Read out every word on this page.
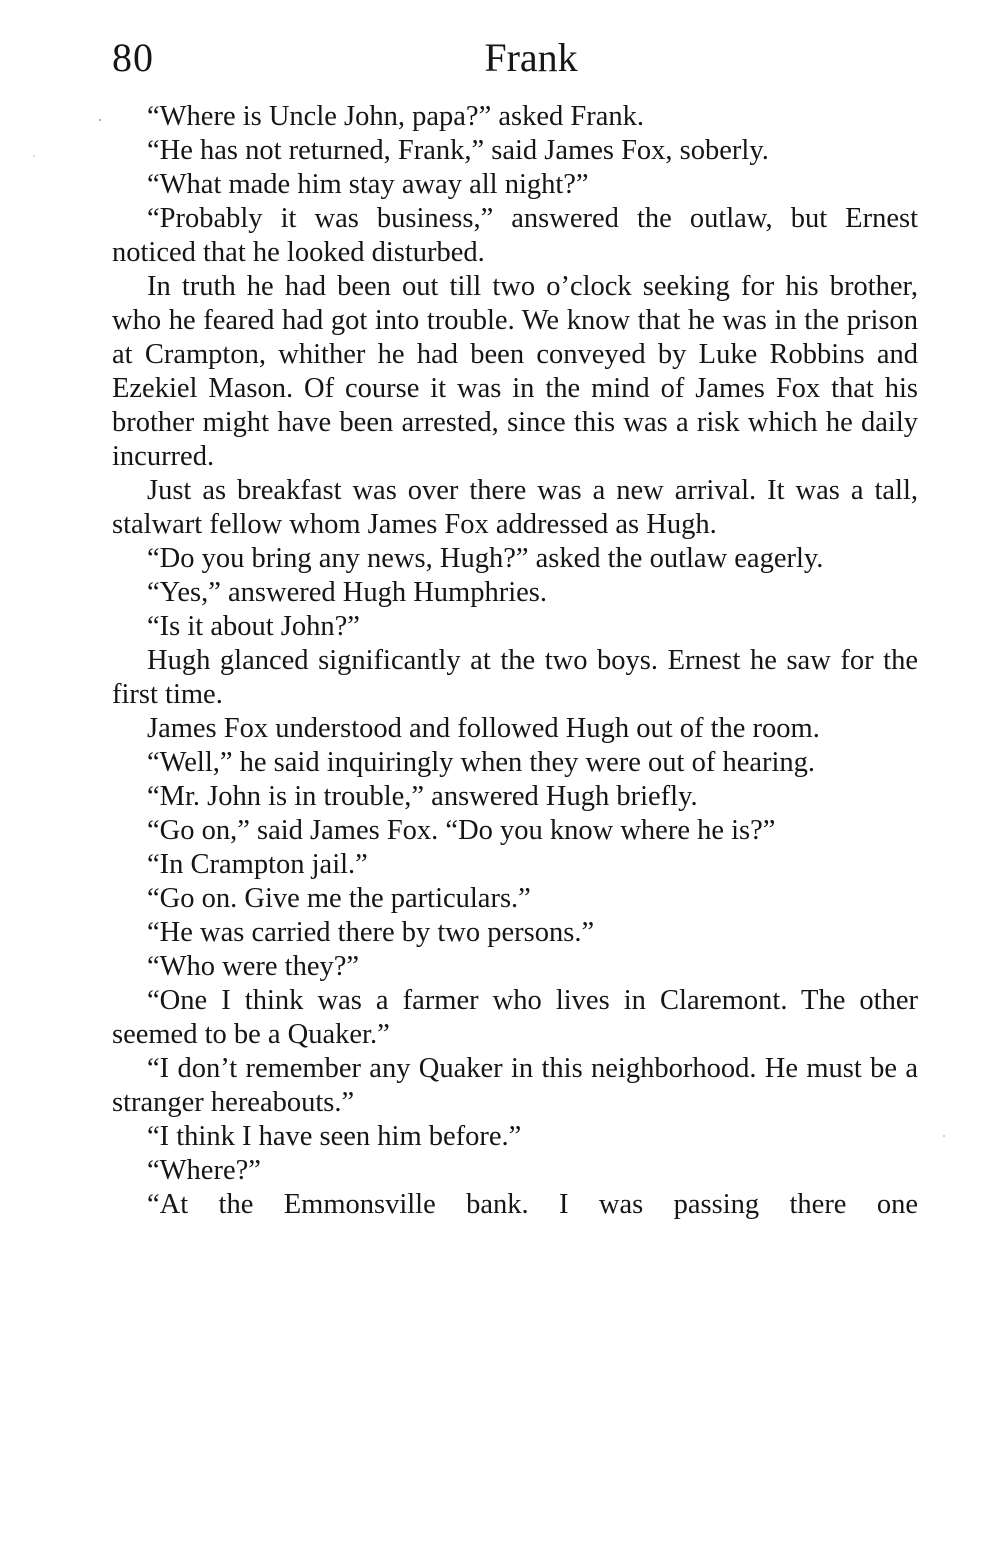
80	Frank

“Where is Uncle John, papa?” asked Frank.

“He has not returned, Frank,” said James Fox, soberly.

“What made him stay away all night?”

“Probably it was business,” answered the outlaw, but Ernest noticed that he looked disturbed.

In truth he had been out till two o’clock seeking for his brother, who he feared had got into trouble. We know that he was in the prison at Crampton, whither he had been conveyed by Luke Robbins and Ezekiel Mason. Of course it was in the mind of James Fox that his brother might have been arrested, since this was a risk which he daily incurred.

Just as breakfast was over there was a new arrival. It was a tall, stalwart fellow whom James Fox addressed as Hugh.

“Do you bring any news, Hugh?” asked the outlaw eagerly.

“Yes,” answered Hugh Humphries.

“Is it about John?”

Hugh glanced significantly at the two boys. Ernest he saw for the first time.

James Fox understood and followed Hugh out of the room.

“Well,” he said inquiringly when they were out of hearing.

“Mr. John is in trouble,” answered Hugh briefly.

“Go on,” said James Fox. “Do you know where he is?”

“In Crampton jail.”

“Go on. Give me the particulars.”

“He was carried there by two persons.”

“Who were they?”

“One I think was a farmer who lives in Claremont. The other seemed to be a Quaker.”

“I don’t remember any Quaker in this neighborhood. He must be a stranger hereabouts.”

“I think I have seen him before.”

“Where?”

“At the Emmonsville bank. I was passing there one
